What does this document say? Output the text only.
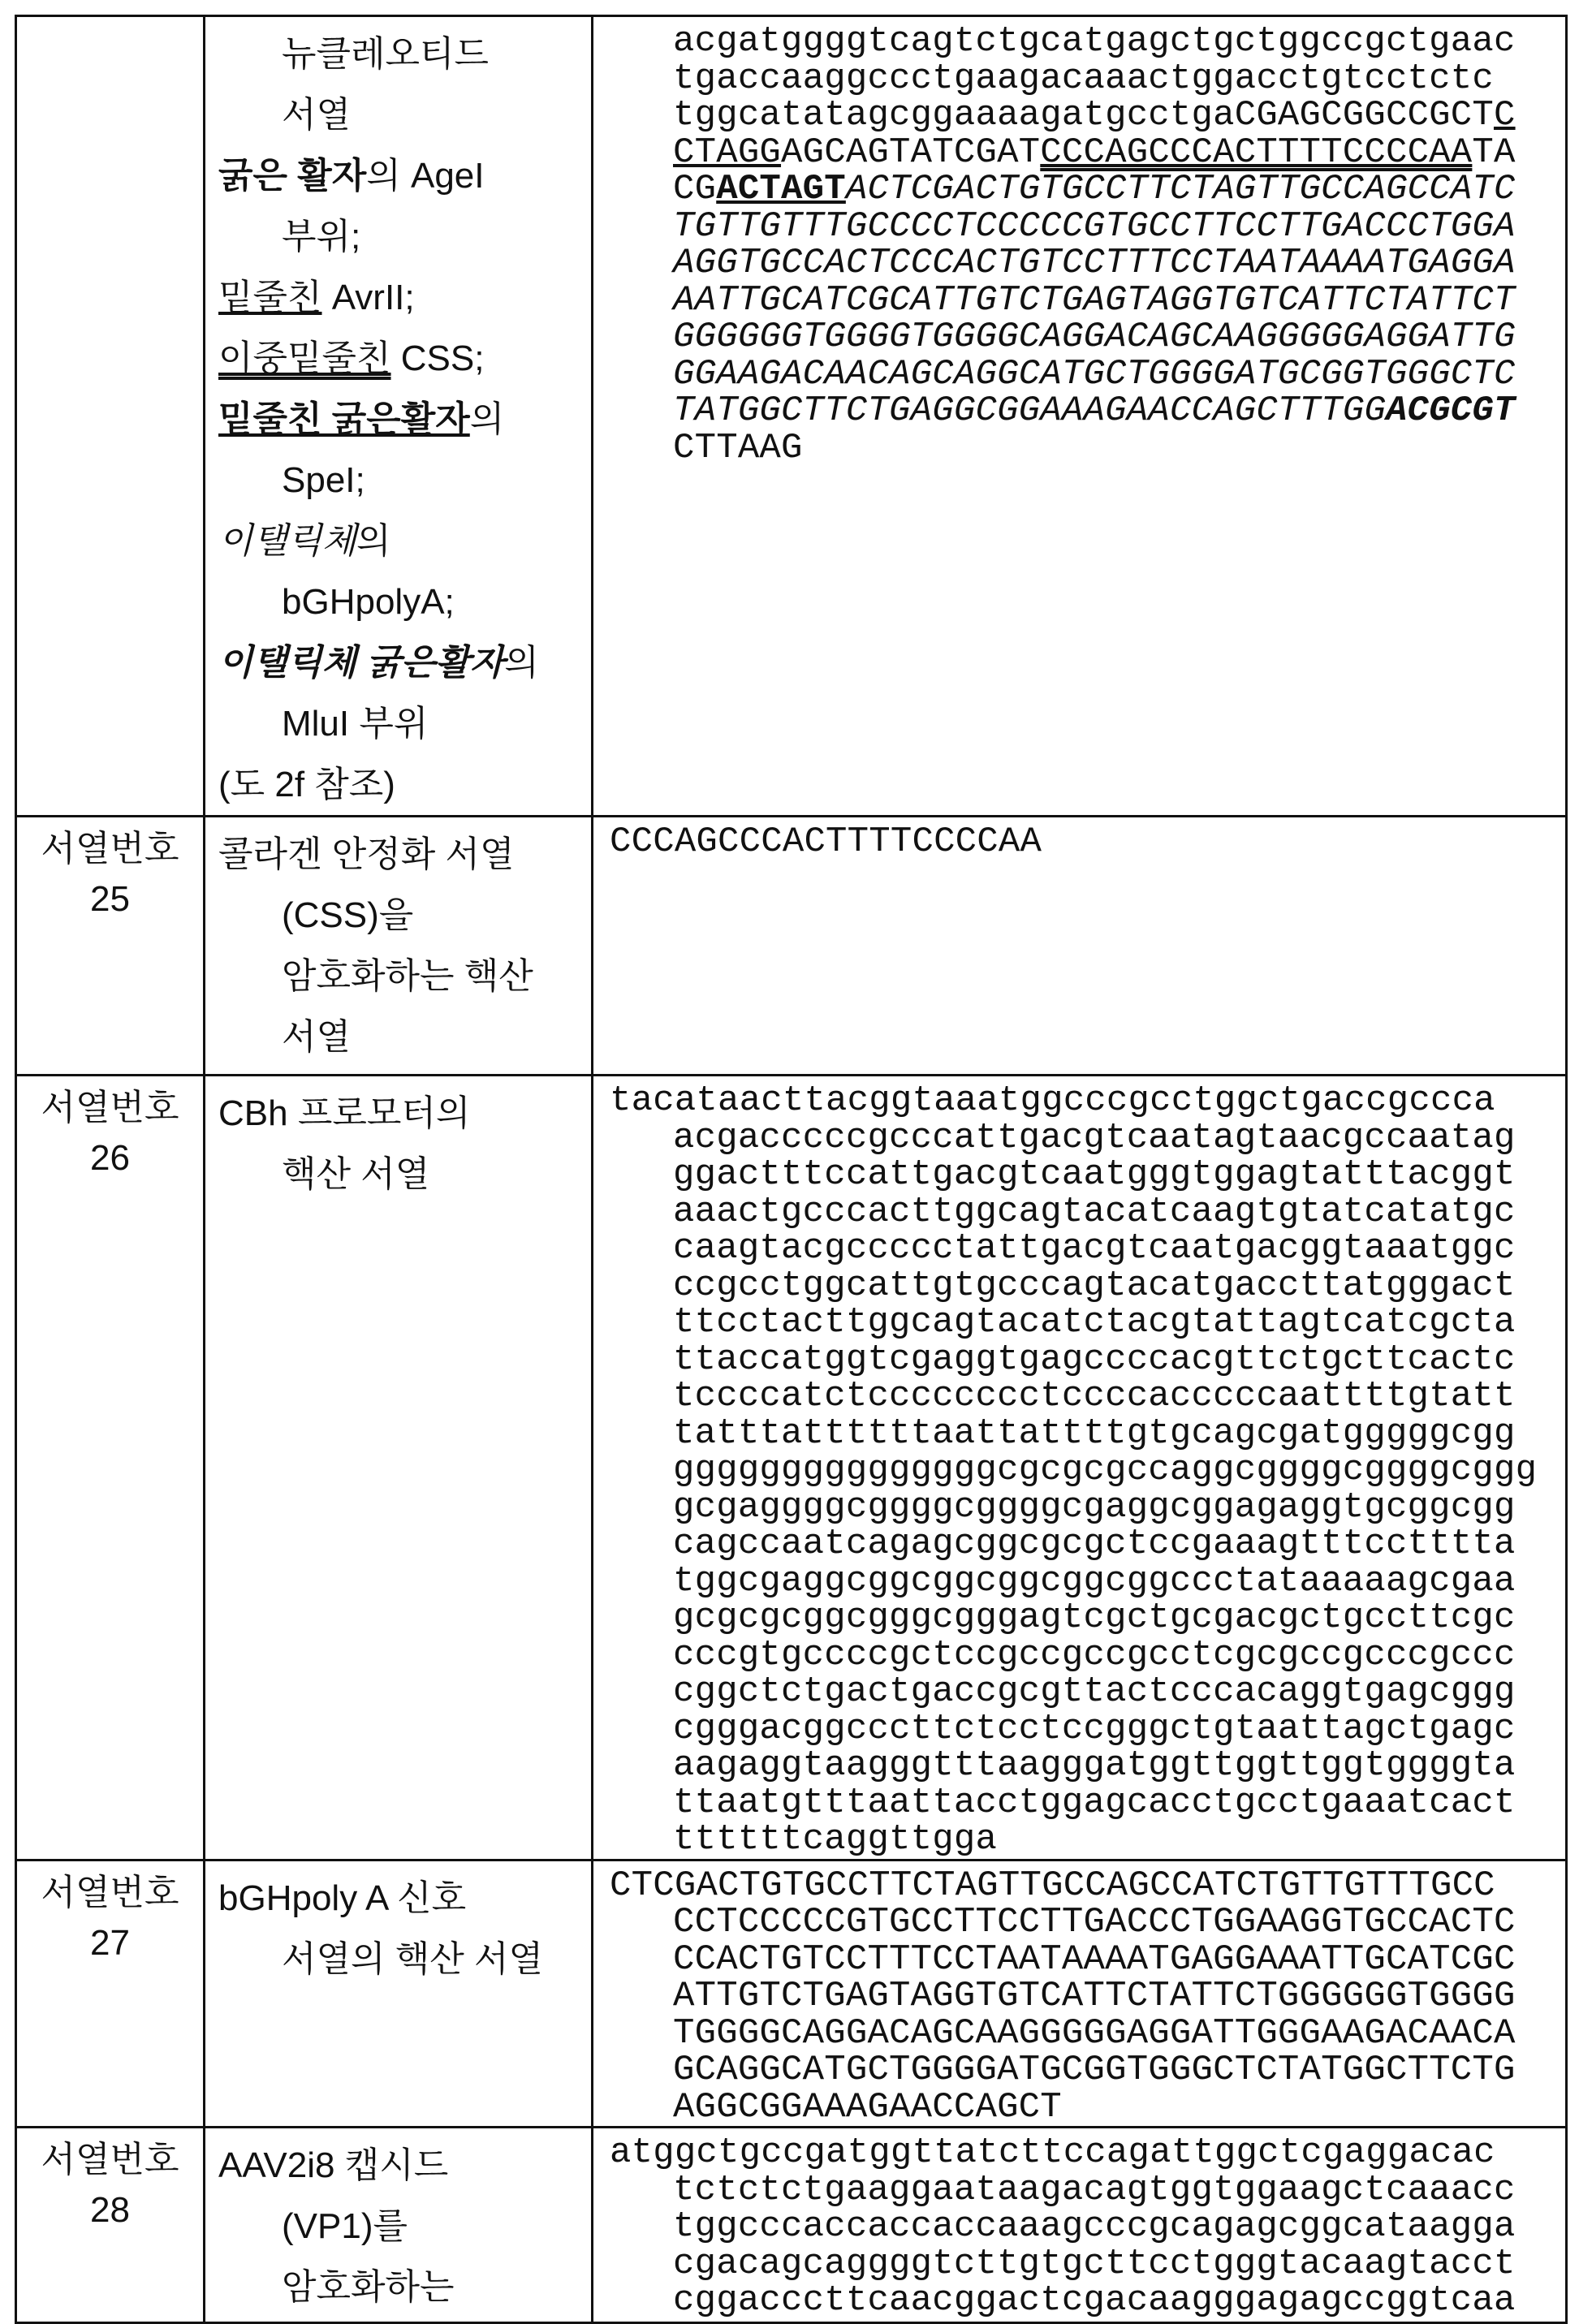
뉴클레오티드
서열
굵은 활자의 AgeI
부위;
밑줄친 AvrII;
이중밑줄친 CSS;
밑줄친 굵은활자의
SpeI;
이탤릭체의
bGHpolyA;
이탤릭체 굵은활자의
MluI 부위
(도 2f 참조)

acgatggggtcagtctgcatgagctgctggccgctgaac
tgaccaaggccctgaagacaaactggacctgtcctctc
tggcatatagcggaaaagatgcctgaCGAGCGGCCGCTC
CTAGGAGCAGTATCGATCCCAGCCCACTTTTCCCCAATA
CGACTAGTACTCGACTGTGCCTTCTAGTTGCCAGCCATC
TGTTGTTTGCCCCTCCCCCGTGCCTTCCTTGACCCTGGA
AGGTGCCACTCCCACTGTCCTTTCCTAATAAAATGAGGA
AATTGCATCGCATTGTCTGAGTAGGTGTCATTCTATTCT
GGGGGGTGGGGTGGGGCAGGACAGCAAGGGGGAGGATTG
GGAAGACAACAGCAGGCATGCTGGGGATGCGGTGGGCTC
TATGGCTTCTGAGGCGGAAAGAACCAGCTTTGGACGCGT
CTTAAG

서열번호
25

콜라겐 안정화 서열
(CSS)을
암호화하는 핵산
서열

CCCAGCCCACTTTTCCCCAA

서열번호
26

CBh 프로모터의
핵산 서열

tacataacttacggtaaatggcccgcctggctgaccgccca
acgacccccgcccattgacgtcaatagtaacgccaatag
ggactttccattgacgtcaatgggtggagtatttacggt
aaactgcccacttggcagtacatcaagtgtatcatatgc
caagtacgccccctattgacgtcaatgacggtaaatggc
ccgcctggcattgtgcccagtacatgaccttatgggact
ttcctacttggcagtacatctacgtattagtcatcgcta
ttaccatggtcgaggtgagccccacgttctgcttcactc
tccccatctcccccccctccccacccccaattttgtatt
tatttattttttaattattttgtgcagcgatgggggcgg
gggggggggggggggcgcgcgccaggcggggcggggcggg
gcgaggggcggggcggggcgaggcggagaggtgcggcgg
cagccaatcagagcggcgcgctccgaaagtttcctttta
tggcgaggcggcggcggcggcggccctataaaaagcgaa
gcgcgcggcgggcgggagtcgctgcgacgctgccttcgc
cccgtgccccgctccgccgccgcctcgcgccgcccgccc
cggctctgactgaccgcgttactcccacaggtgagcggg
cgggacggcccttctcctccgggctgtaattagctgagc
aagaggtaagggtttaagggatggttggttggtggggta
ttaatgtttaattacctggagcacctgcctgaaatcact
ttttttcaggttgga

서열번호
27

bGHpoly A 신호
서열의 핵산 서열

CTCGACTGTGCCTTCTAGTTGCCAGCCATCTGTTGTTTGCC
CCTCCCCCGTGCCTTCCTTGACCCTGGAAGGTGCCACTC
CCACTGTCCTTTCCTAATAAAATGAGGAAATTGCATCGC
ATTGTCTGAGTAGGTGTCATTCTATTCTGGGGGGTGGGG
TGGGGCAGGACAGCAAGGGGGAGGATTGGGAAGACAACA
GCAGGCATGCTGGGGATGCGGTGGGCTCTATGGCTTCTG
AGGCGGAAAGAACCAGCT

서열번호
28

AAV2i8 캡시드
(VP1)를
암호화하는

atggctgccgatggttatcttccagattggctcgaggacac
tctctctgaaggaataagacagtggtggaagctcaaacc
tggcccaccaccaccaaagcccgcagagcggcataagga
cgacagcaggggtcttgtgcttcctgggtacaagtacct
cggacccttcaacggactcgacaagggagagccggtcaa
